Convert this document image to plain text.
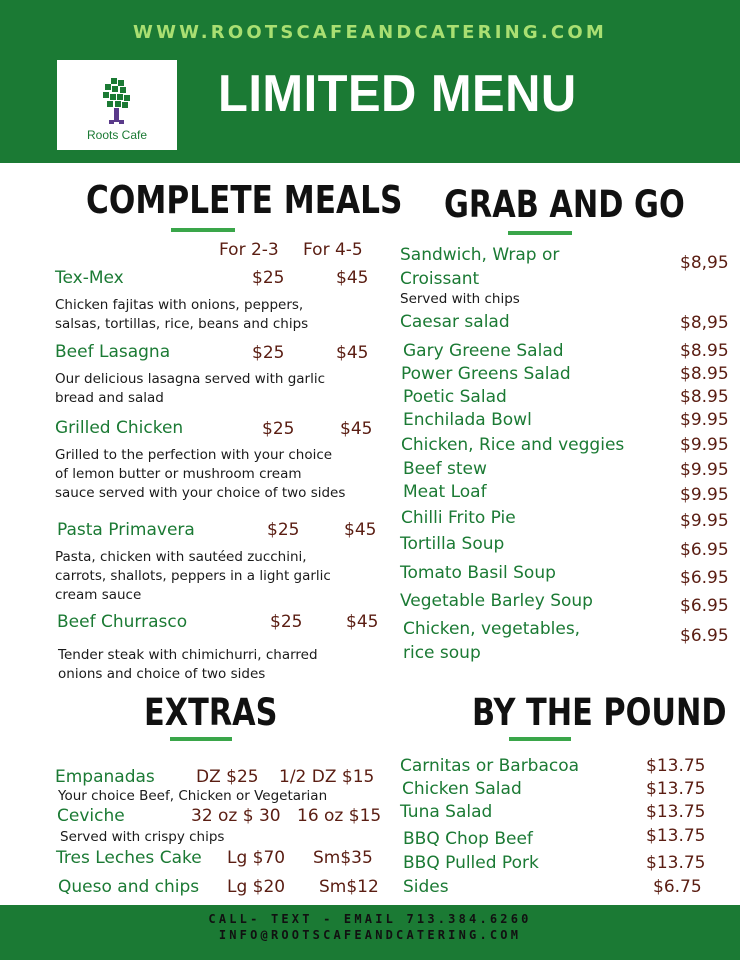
WWW.ROOTSCAFEANDCATERING.COM
Roots Cafe
LIMITED MENU
COMPLETE MEALS
For 2-3 For 4-5
Tex-Mex	$25	$45
Chicken fajitas with onions, peppers,
salsas, tortillas, rice, beans and chips
Beef Lasagna	$25	$45
Our delicious lasagna served with garlic
bread and salad
Grilled Chicken	$25	$45
Grilled to the perfection with your choice
of lemon butter or mushroom cream
sauce served with your choice of two sides
Pasta Primavera	$25	$45
Pasta, chicken with sautéed zucchini,
carrots, shallots, peppers in a light garlic
cream sauce
Beef Churrasco	$25	$45
Tender steak with chimichurri, charred
onions and choice of two sides
GRAB AND GO
Sandwich, Wrap or
Croissant
$8,95
Served with chips
Caesar salad	$8,95
Gary Greene Salad	$8.95
Power Greens Salad	$8.95
Poetic Salad	$8.95
Enchilada Bowl	$9.95
Chicken, Rice and veggies	$9.95
Beef stew	$9.95
Meat Loaf	$9.95
Chilli Frito Pie	$9.95
Tortilla Soup	$6.95
Tomato Basil Soup	$6.95
Vegetable Barley Soup	$6.95
Chicken, vegetables,
rice soup
$6.95
EXTRAS
Empanadas DZ $25 1/2 DZ $15
Your choice Beef, Chicken or Vegetarian
Ceviche	32 oz $ 30 16 oz $15
Served with crispy chips
Tres Leches Cake Lg $70 Sm$35
Queso and chips Lg $20 Sm$12
BY THE POUND
Carnitas or Barbacoa	$13.75
Chicken Salad	$13.75
Tuna Salad	$13.75
BBQ Chop Beef	$13.75
BBQ Pulled Pork	$13.75
Sides	$6.75
CALL- TEXT - EMAIL 713.384.6260
INFO@ROOTSCAFEANDCATERING.COM
